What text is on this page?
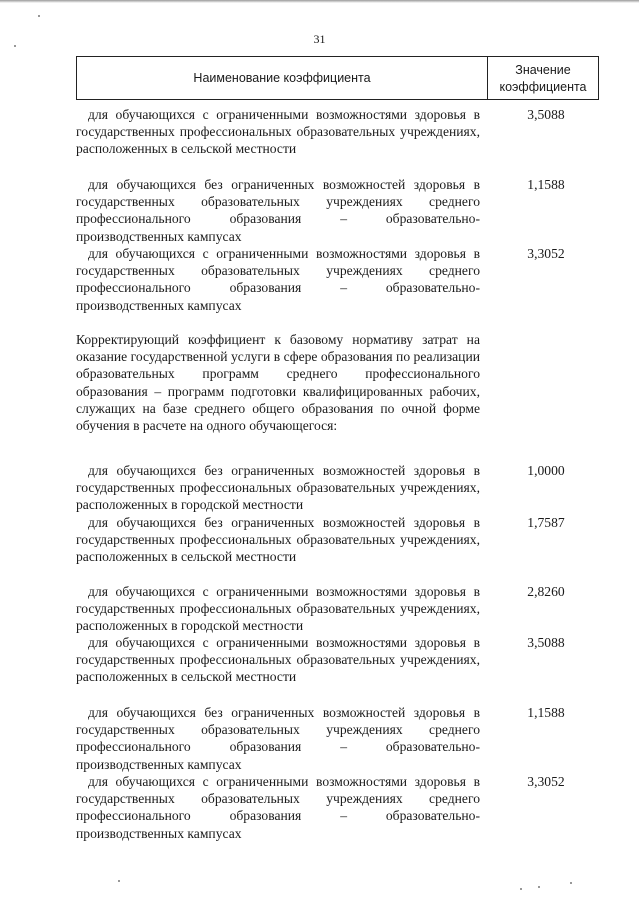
31
Наименование коэффициента
Значение
коэффициента

для обучающихся с ограниченными возможностями здоровья в государственных профессиональных образовательных учреждениях, расположенных в сельской местности

3,5088

для обучающихся без ограниченных возможностей здоровья в государственных образовательных учреждениях среднего профессионального образования – образовательно-производственных кампусах

1,1588

для обучающихся с ограниченными возможностями здоровья в государственных образовательных учреждениях среднего профессионального образования – образовательно-производственных кампусах

3,3052

Корректирующий коэффициент к базовому нормативу затрат на оказание государственной услуги в сфере образования по реализации образовательных программ среднего профессионального образования – программ подготовки квалифицированных рабочих, служащих на базе среднего общего образования по очной форме обучения в расчете на одного обучающегося:

для обучающихся без ограниченных возможностей здоровья в государственных профессиональных образовательных учреждениях, расположенных в городской местности

1,0000

для обучающихся без ограниченных возможностей здоровья в государственных профессиональных образовательных учреждениях, расположенных в сельской местности

1,7587

для обучающихся с ограниченными возможностями здоровья в государственных профессиональных образовательных учреждениях, расположенных в городской местности

2,8260

для обучающихся с ограниченными возможностями здоровья в государственных профессиональных образовательных учреждениях, расположенных в сельской местности

3,5088

для обучающихся без ограниченных возможностей здоровья в государственных образовательных учреждениях среднего профессионального образования – образовательно-производственных кампусах

1,1588

для обучающихся с ограниченными возможностями здоровья в государственных образовательных учреждениях среднего профессионального образования – образовательно-производственных кампусах

3,3052
